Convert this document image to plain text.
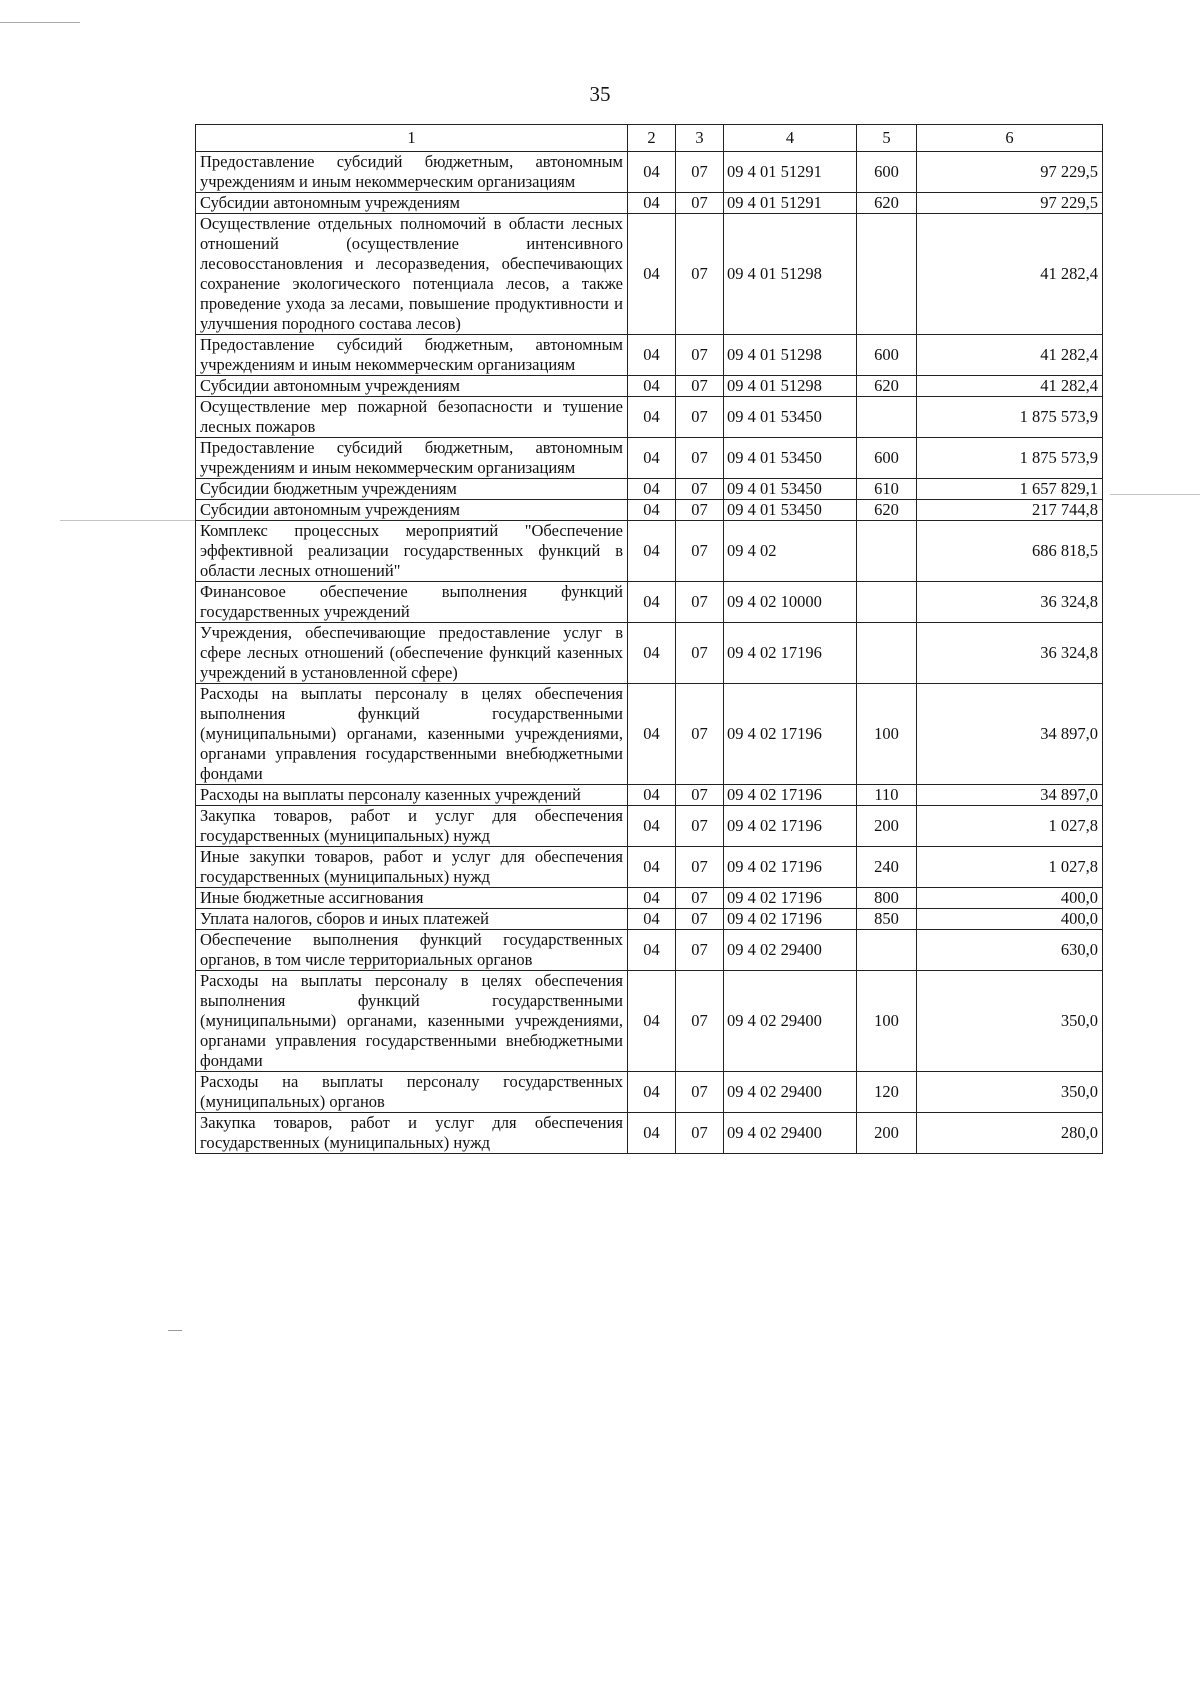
35
1	2	3	4	5	6
Предоставление субсидий бюджетным, автономным учреждениям и иным некоммерческим организациям	04	07	09 4 01 51291	600	97 229,5
Субсидии автономным учреждениям	04	07	09 4 01 51291	620	97 229,5
Осуществление отдельных полномочий в области лесных отношений (осуществление интенсивного лесовосстановления и лесоразведения, обеспечивающих сохранение экологического потенциала лесов, а также проведение ухода за лесами, повышение продуктивности и улучшения породного состава лесов)	04	07	09 4 01 51298		41 282,4
Предоставление субсидий бюджетным, автономным учреждениям и иным некоммерческим организациям	04	07	09 4 01 51298	600	41 282,4
Субсидии автономным учреждениям	04	07	09 4 01 51298	620	41 282,4
Осуществление мер пожарной безопасности и тушение лесных пожаров	04	07	09 4 01 53450		1 875 573,9
Предоставление субсидий бюджетным, автономным учреждениям и иным некоммерческим организациям	04	07	09 4 01 53450	600	1 875 573,9
Субсидии бюджетным учреждениям	04	07	09 4 01 53450	610	1 657 829,1
Субсидии автономным учреждениям	04	07	09 4 01 53450	620	217 744,8
Комплекс процессных мероприятий "Обеспечение эффективной реализации государственных функций в области лесных отношений"	04	07	09 4 02		686 818,5
Финансовое обеспечение выполнения функций государственных учреждений	04	07	09 4 02 10000		36 324,8
Учреждения, обеспечивающие предоставление услуг в сфере лесных отношений (обеспечение функций казенных учреждений в установленной сфере)	04	07	09 4 02 17196		36 324,8
Расходы на выплаты персоналу в целях обеспечения выполнения функций государственными (муниципальными) органами, казенными учреждениями, органами управления государственными внебюджетными фондами	04	07	09 4 02 17196	100	34 897,0
Расходы на выплаты персоналу казенных учреждений	04	07	09 4 02 17196	110	34 897,0
Закупка товаров, работ и услуг для обеспечения государственных (муниципальных) нужд	04	07	09 4 02 17196	200	1 027,8
Иные закупки товаров, работ и услуг для обеспечения государственных (муниципальных) нужд	04	07	09 4 02 17196	240	1 027,8
Иные бюджетные ассигнования	04	07	09 4 02 17196	800	400,0
Уплата налогов, сборов и иных платежей	04	07	09 4 02 17196	850	400,0
Обеспечение выполнения функций государственных органов, в том числе территориальных органов	04	07	09 4 02 29400		630,0
Расходы на выплаты персоналу в целях обеспечения выполнения функций государственными (муниципальными) органами, казенными учреждениями, органами управления государственными внебюджетными фондами	04	07	09 4 02 29400	100	350,0
Расходы на выплаты персоналу государственных (муниципальных) органов	04	07	09 4 02 29400	120	350,0
Закупка товаров, работ и услуг для обеспечения государственных (муниципальных) нужд	04	07	09 4 02 29400	200	280,0
